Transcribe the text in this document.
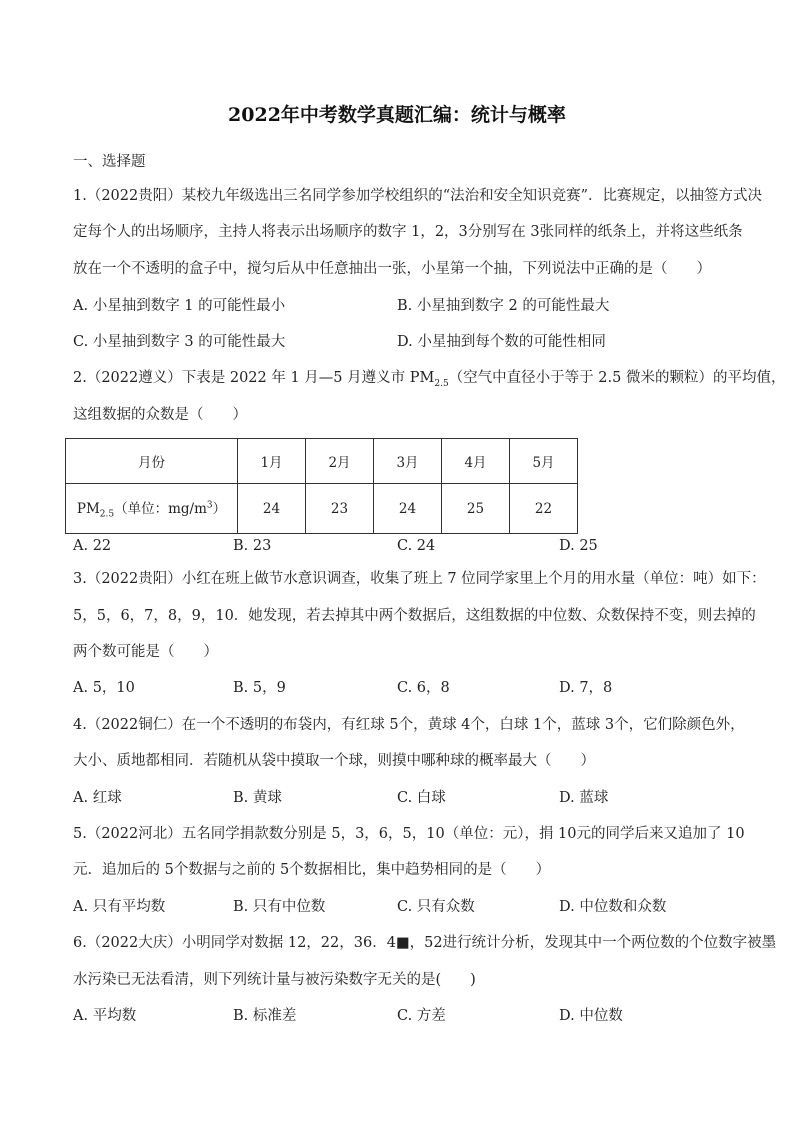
2022年中考数学真题汇编：统计与概率
一、选择题
1.（2022贵阳）某校九年级选出三名同学参加学校组织的“法治和安全知识竞赛”．比赛规定，以抽签方式决
定每个人的出场顺序，主持人将表示出场顺序的数字 1，2，3分别写在 3张同样的纸条上，并将这些纸条
放在一个不透明的盒子中，搅匀后从中任意抽出一张，小星第一个抽，下列说法中正确的是（　　）
A. 小星抽到数字 1 的可能性最小	B. 小星抽到数字 2 的可能性最大
C. 小星抽到数字 3 的可能性最大	D. 小星抽到每个数的可能性相同
2.（2022遵义）下表是 2022 年 1 月—5 月遵义市 $PM_{2.5}$（空气中直径小于等于 2.5 微米的颗粒）的平均值，
这组数据的众数是（　　）
月份	1月	2月	3月	4月	5月
$PM_{2.5}$（单位：$mg/m^3$）	24	23	24	25	22
A. 22	B. 23	C. 24	D. 25
3.（2022贵阳）小红在班上做节水意识调查，收集了班上 7 位同学家里上个月的用水量（单位：吨）如下：
5，5，6，7，8，9，10．她发现，若去掉其中两个数据后，这组数据的中位数、众数保持不变，则去掉的
两个数可能是（　　）
A. 5，10	B. 5，9	C. 6，8	D. 7，8
4.（2022铜仁）在一个不透明的布袋内，有红球 5个，黄球 4个，白球 1个，蓝球 3个，它们除颜色外，
大小、质地都相同．若随机从袋中摸取一个球，则摸中哪种球的概率最大（　　）
A. 红球	B. 黄球	C. 白球	D. 蓝球
5.（2022河北）五名同学捐款数分别是 5，3，6，5，10（单位：元），捐 10元的同学后来又追加了 10
元．追加后的 5个数据与之前的 5个数据相比，集中趋势相同的是（　　）
A. 只有平均数	B. 只有中位数	C. 只有众数	D. 中位数和众数
6.（2022大庆）小明同学对数据 12，22，36．4■，52进行统计分析，发现其中一个两位数的个位数字被墨
水污染已无法看清，则下列统计量与被污染数字无关的是(　　)
A. 平均数	B. 标准差	C. 方差	D. 中位数
